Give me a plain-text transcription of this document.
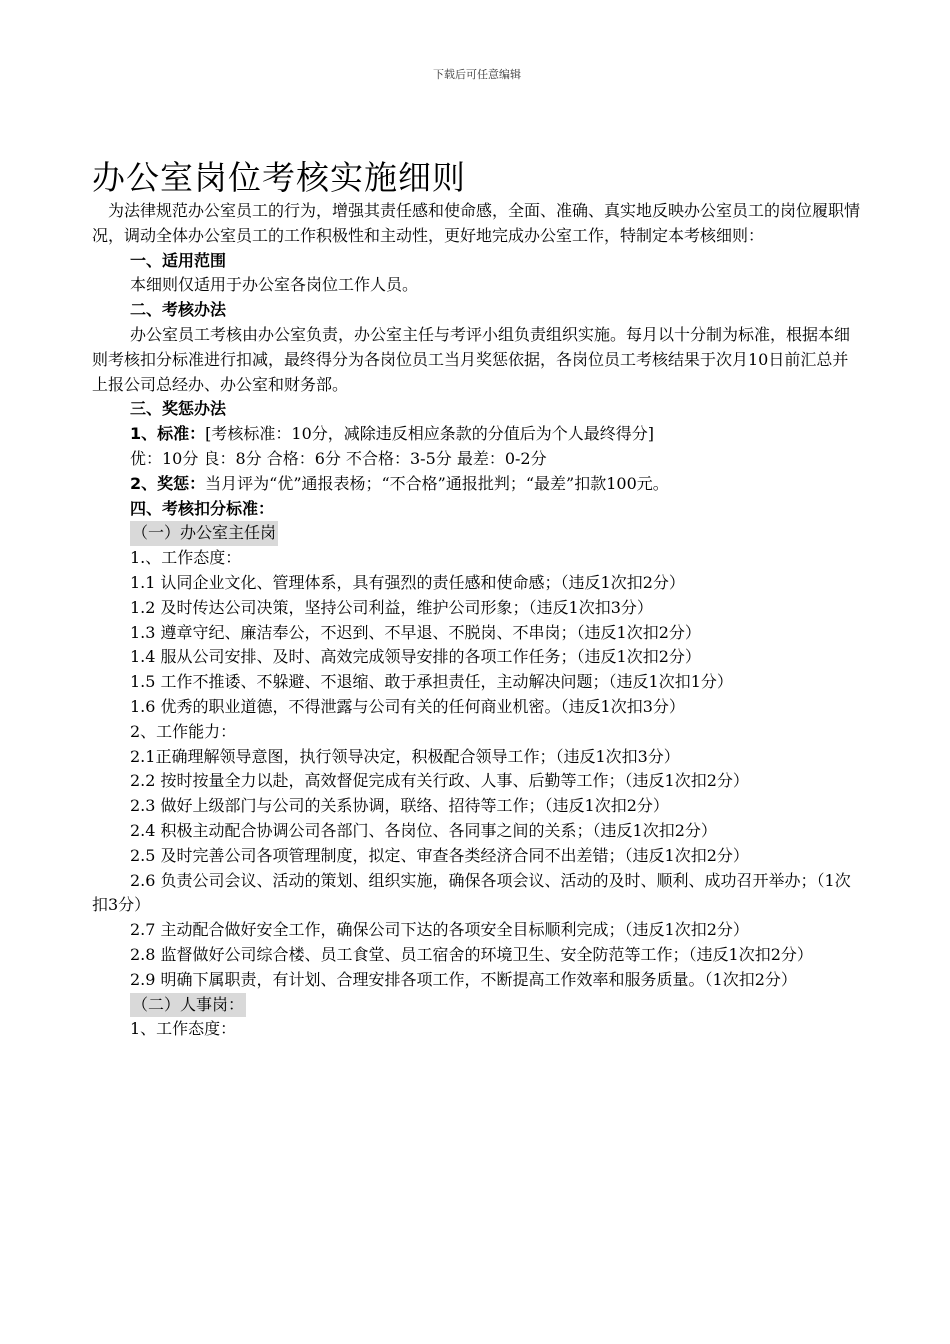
下载后可任意编辑
办公室岗位考核实施细则

为法律规范办公室员工的行为，增强其责任感和使命感，全面、准确、真实地反映办公室员工的岗位履职情况，调动全体办公室员工的工作积极性和主动性，更好地完成办公室工作，特制定本考核细则：

一、适用范围

本细则仅适用于办公室各岗位工作人员。

二、考核办法

办公室员工考核由办公室负责，办公室主任与考评小组负责组织实施。每月以十分制为标准，根据本细则考核扣分标准进行扣减，最终得分为各岗位员工当月奖惩依据，各岗位员工考核结果于次月10日前汇总并上报公司总经办、办公室和财务部。

三、奖惩办法

1、标准：[考核标准：10分，减除违反相应条款的分值后为个人最终得分]

优：10分 良：8分 合格：6分 不合格：3-5分 最差：0-2分

2、奖惩：当月评为“优”通报表杨；“不合格”通报批判；“最差”扣款100元。

四、考核扣分标准：

（一）办公室主任岗

1.、工作态度：

1.1 认同企业文化、管理体系，具有强烈的责任感和使命感；（违反1次扣2分）

1.2 及时传达公司决策，坚持公司利益，维护公司形象；（违反1次扣3分）

1.3 遵章守纪、廉洁奉公，不迟到、不早退、不脱岗、不串岗；（违反1次扣2分）

1.4 服从公司安排、及时、高效完成领导安排的各项工作任务；（违反1次扣2分）

1.5 工作不推诿、不躲避、不退缩、敢于承担责任，主动解决问题；（违反1次扣1分）

1.6 优秀的职业道德，不得泄露与公司有关的任何商业机密。（违反1次扣3分）

2、工作能力：

2.1正确理解领导意图，执行领导决定，积极配合领导工作；（违反1次扣3分）

2.2 按时按量全力以赴，高效督促完成有关行政、人事、后勤等工作；（违反1次扣2分）

2.3 做好上级部门与公司的关系协调，联络、招待等工作；（违反1次扣2分）

2.4 积极主动配合协调公司各部门、各岗位、各同事之间的关系；（违反1次扣2分）

2.5 及时完善公司各项管理制度，拟定、审查各类经济合同不出差错；（违反1次扣2分）

2.6 负责公司会议、活动的策划、组织实施，确保各项会议、活动的及时、顺利、成功召开举办；（1次扣3分）

2.7 主动配合做好安全工作，确保公司下达的各项安全目标顺利完成；（违反1次扣2分）

2.8 监督做好公司综合楼、员工食堂、员工宿舍的环境卫生、安全防范等工作；（违反1次扣2分）

2.9 明确下属职责，有计划、合理安排各项工作，不断提高工作效率和服务质量。（1次扣2分）

（二）人事岗：

1、工作态度：
